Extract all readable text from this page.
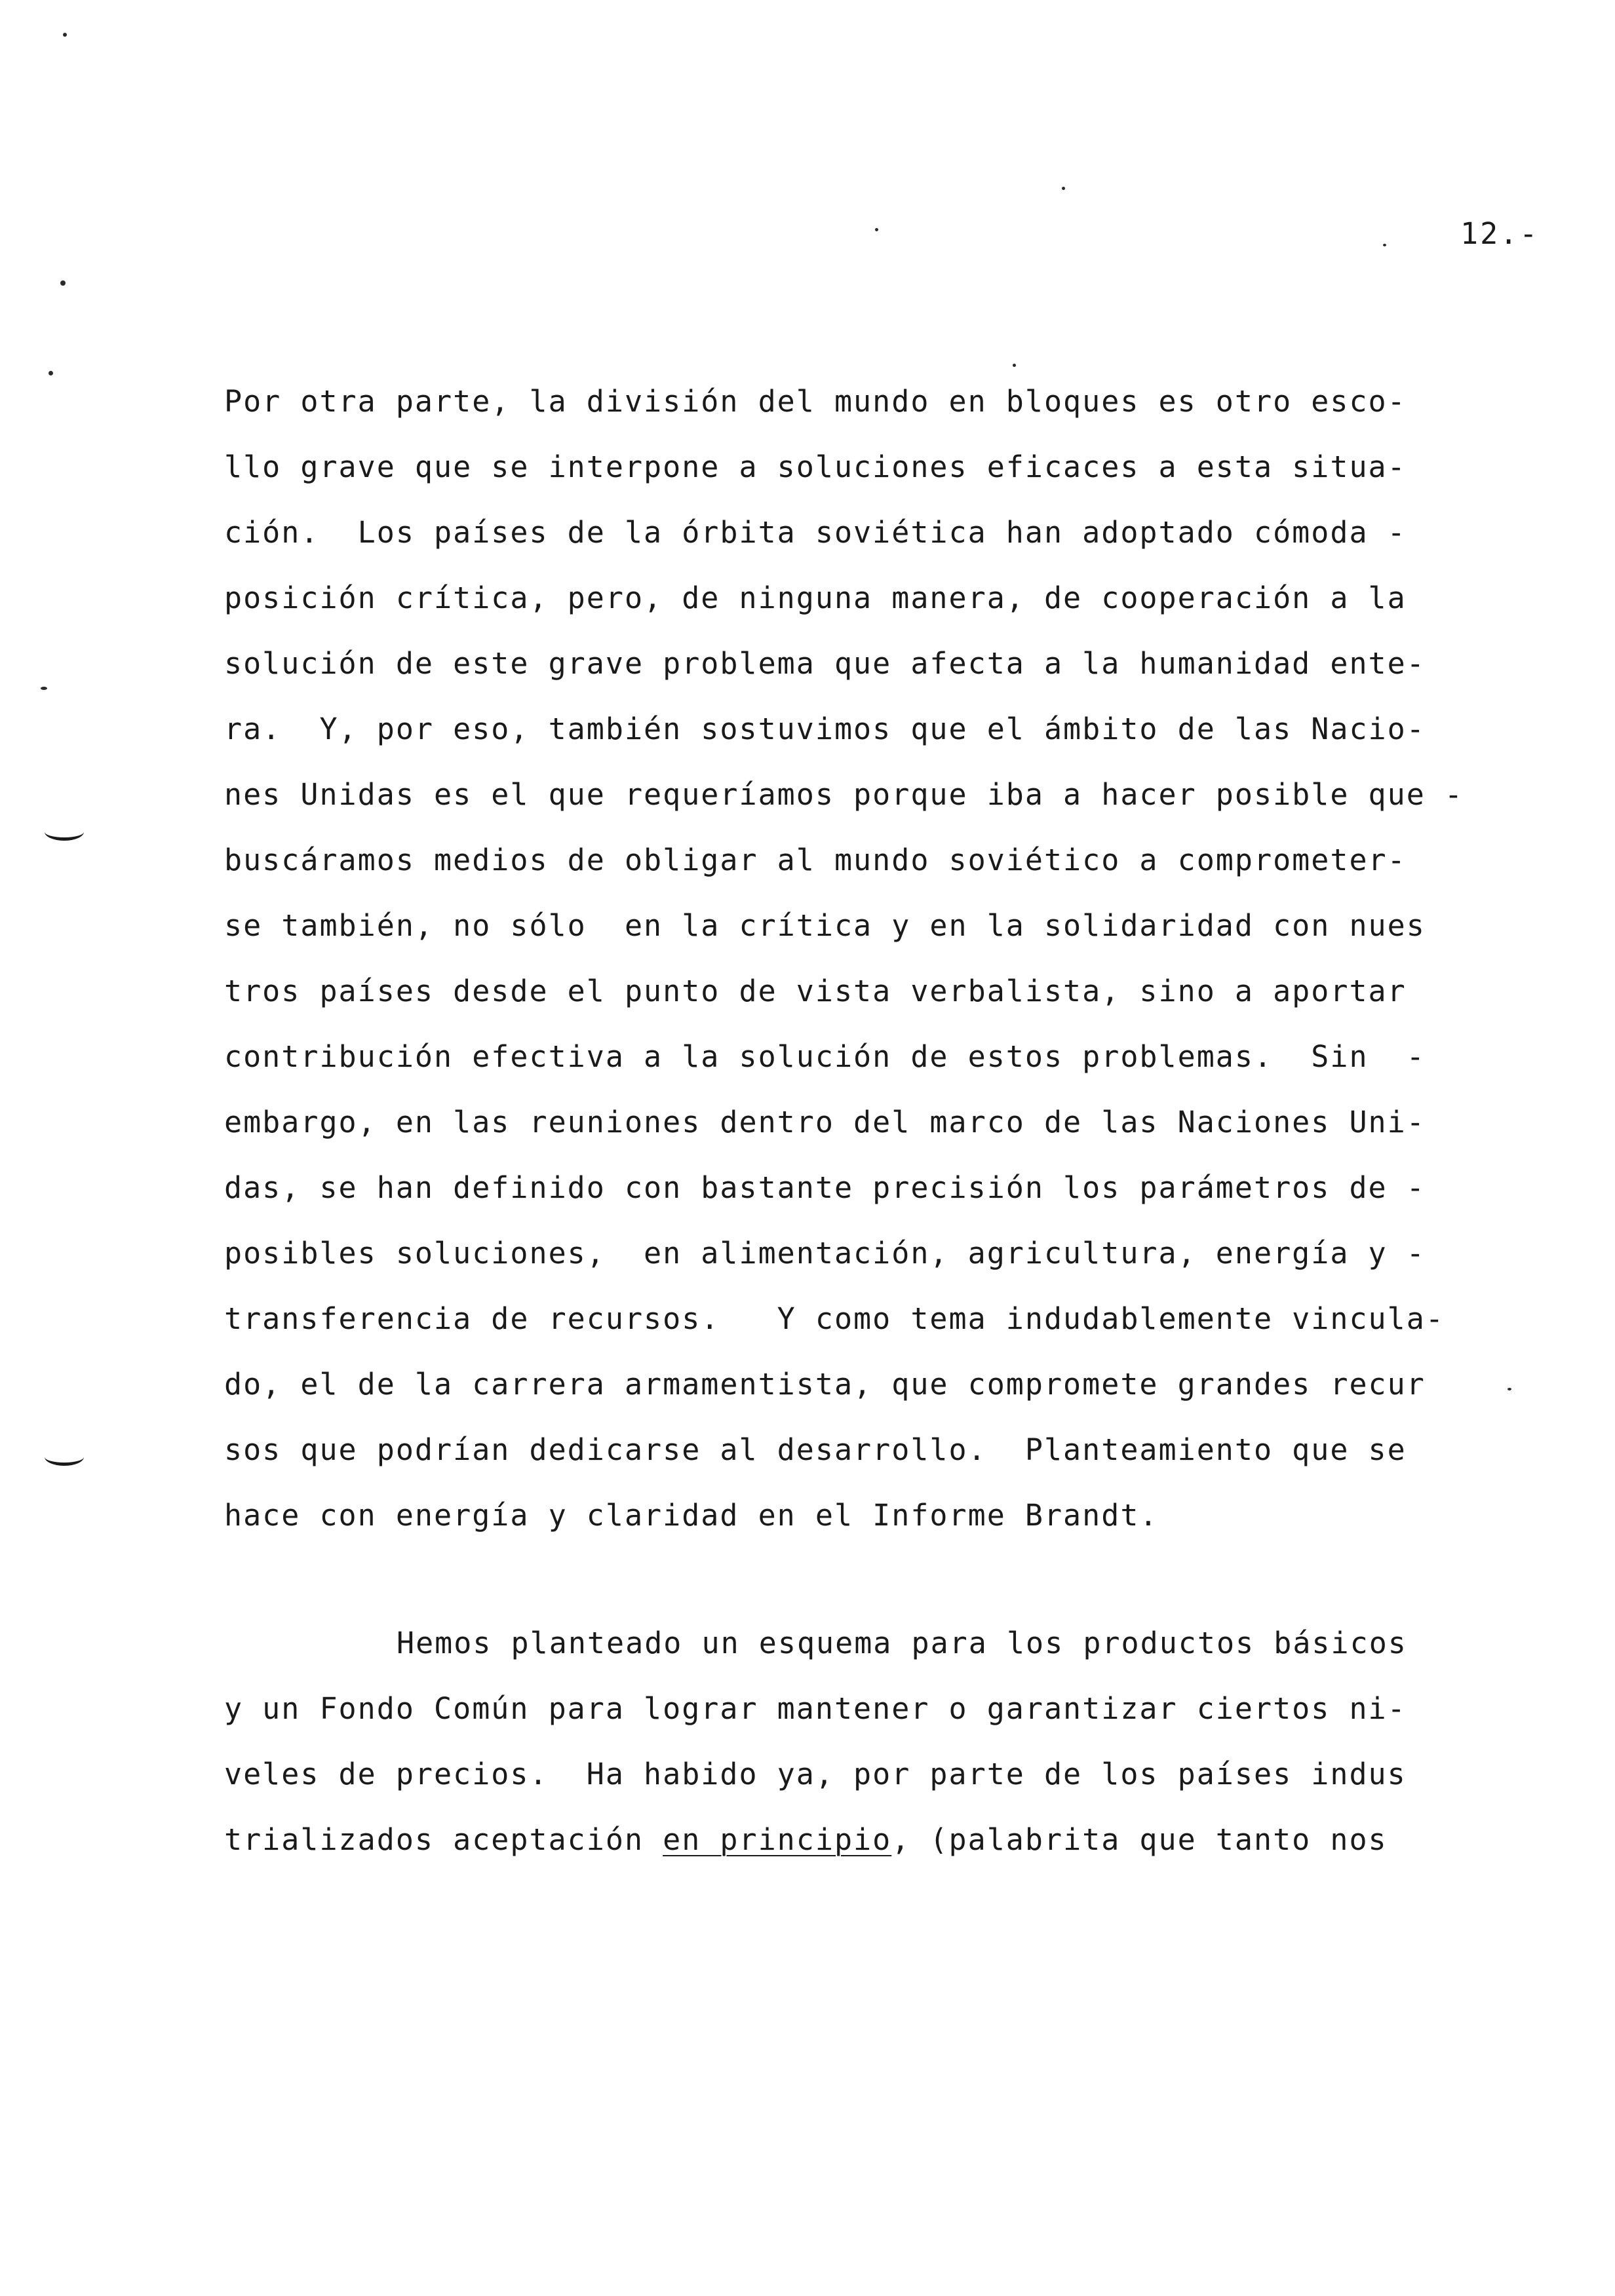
12.-
Por otra parte, la división del mundo en bloques es otro esco-
llo grave que se interpone a soluciones eficaces a esta situa-
ción.  Los países de la órbita soviética han adoptado cómoda -
posición crítica, pero, de ninguna manera, de cooperación a la
solución de este grave problema que afecta a la humanidad ente-
ra.  Y, por eso, también sostuvimos que el ámbito de las Nacio-
nes Unidas es el que requeríamos porque iba a hacer posible que -
buscáramos medios de obligar al mundo soviético a comprometer-
se también, no sólo  en la crítica y en la solidaridad con nues
tros países desde el punto de vista verbalista, sino a aportar
contribución efectiva a la solución de estos problemas.  Sin  -
embargo, en las reuniones dentro del marco de las Naciones Uni-
das, se han definido con bastante precisión los parámetros de -
posibles soluciones,  en alimentación, agricultura, energía y -
transferencia de recursos.   Y como tema indudablemente vincula-
do, el de la carrera armamentista, que compromete grandes recur
sos que podrían dedicarse al desarrollo.  Planteamiento que se
hace con energía y claridad en el Informe Brandt.
Hemos planteado un esquema para los productos básicos
y un Fondo Común para lograr mantener o garantizar ciertos ni-
veles de precios.  Ha habido ya, por parte de los países indus
trializados aceptación en principio, (palabrita que tanto nos
